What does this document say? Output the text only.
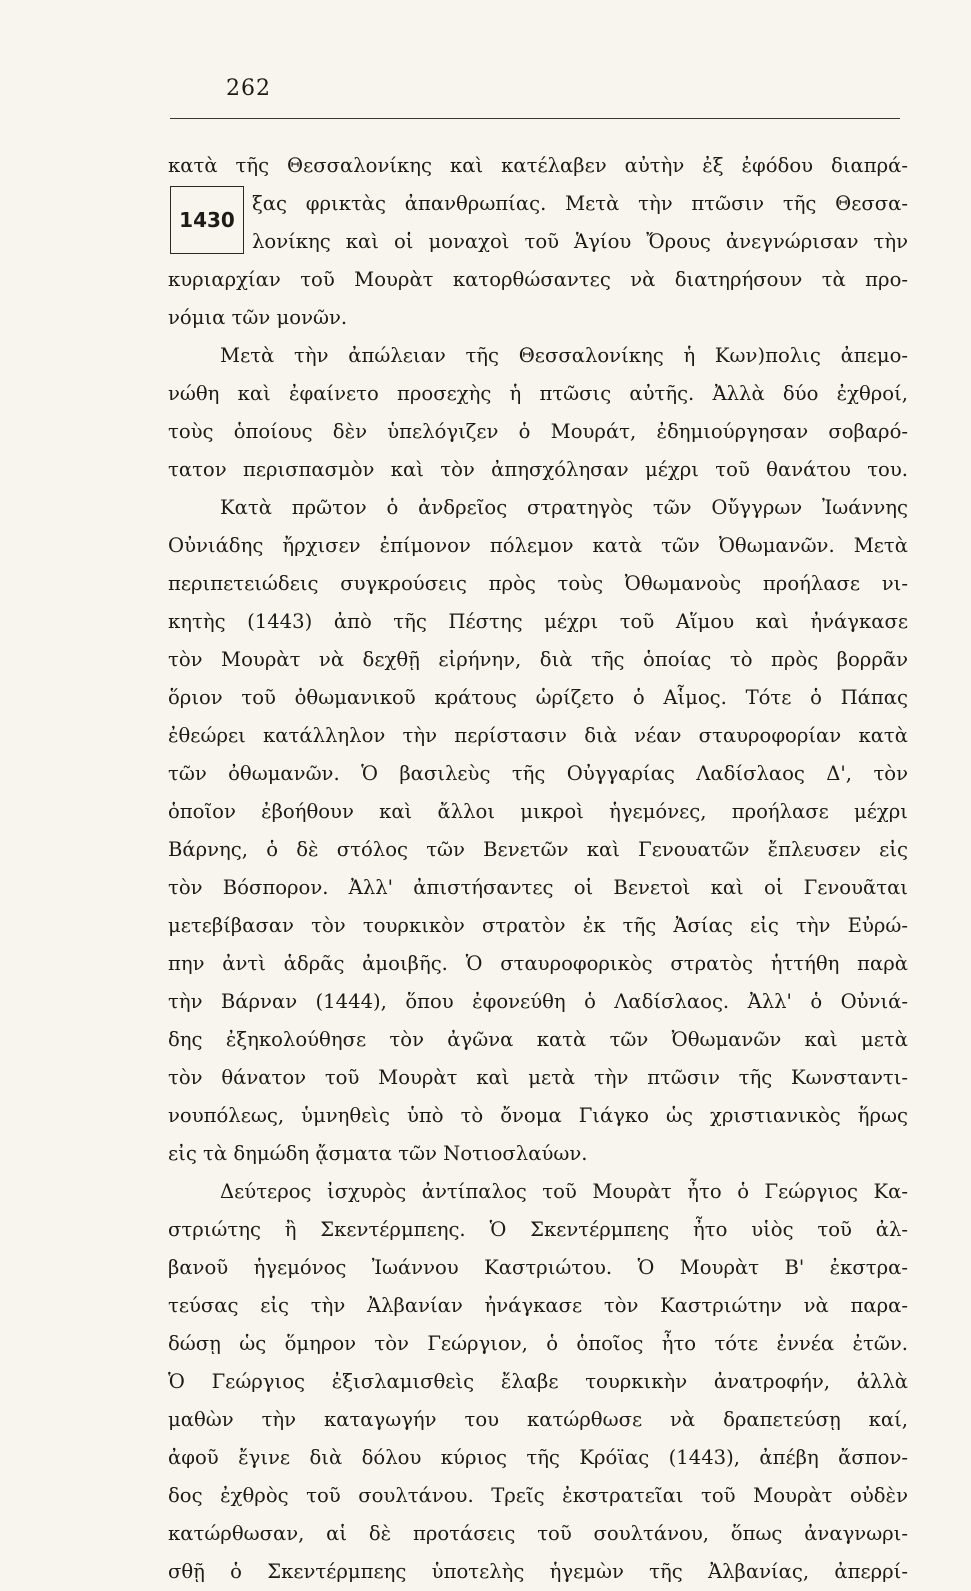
262
1430
κατὰ τῆς Θεσσαλονίκης καὶ κατέλαβεν αὐτὴν ἐξ ἐφόδου διαπρά-
ξας φρικτὰς ἀπανθρωπίας. Μετὰ τὴν πτῶσιν τῆς Θεσσα-
λονίκης καὶ οἱ μοναχοὶ τοῦ Ἁγίου Ὄρους ἀνεγνώρισαν τὴν
κυριαρχίαν τοῦ Μουρὰτ κατορθώσαντες νὰ διατηρήσουν τὰ προ-
νόμια τῶν μονῶν.
Μετὰ τὴν ἀπώλειαν τῆς Θεσσαλονίκης ἡ Κων)πολις ἀπεμο-
νώθη καὶ ἐφαίνετο προσεχὴς ἡ πτῶσις αὐτῆς. Ἀλλὰ δύο ἐχθροί,
τοὺς ὁποίους δὲν ὑπελόγιζεν ὁ Μουράτ, ἐδημιούργησαν σοβαρό-
τατον περισπασμὸν καὶ τὸν ἀπησχόλησαν μέχρι τοῦ θανάτου του.
Κατὰ πρῶτον ὁ ἀνδρεῖος στρατηγὸς τῶν Οὔγγρων Ἰωάννης
Οὐνιάδης ἤρχισεν ἐπίμονον πόλεμον κατὰ τῶν Ὀθωμανῶν. Μετὰ
περιπετειώδεις συγκρούσεις πρὸς τοὺς Ὀθωμανοὺς προήλασε νι-
κητὴς (1443) ἀπὸ τῆς Πέστης μέχρι τοῦ Αἵμου καὶ ἠνάγκασε
τὸν Μουρὰτ νὰ δεχθῇ εἰρήνην, διὰ τῆς ὁποίας τὸ πρὸς βορρᾶν
ὅριον τοῦ ὀθωμανικοῦ κράτους ὡρίζετο ὁ Αἷμος. Τότε ὁ Πάπας
ἐθεώρει κατάλληλον τὴν περίστασιν διὰ νέαν σταυροφορίαν κατὰ
τῶν ὀθωμανῶν. Ὁ βασιλεὺς τῆς Οὐγγαρίας Λαδίσλαος Δ', τὸν
ὁποῖον ἐβοήθουν καὶ ἄλλοι μικροὶ ἡγεμόνες, προήλασε μέχρι
Βάρνης, ὁ δὲ στόλος τῶν Βενετῶν καὶ Γενουατῶν ἔπλευσεν εἰς
τὸν Βόσπορον. Ἀλλ' ἀπιστήσαντες οἱ Βενετοὶ καὶ οἱ Γενουᾶται
μετεβίβασαν τὸν τουρκικὸν στρατὸν ἐκ τῆς Ἀσίας εἰς τὴν Εὐρώ-
πην ἀντὶ ἁδρᾶς ἀμοιβῆς. Ὁ σταυροφορικὸς στρατὸς ἡττήθη παρὰ
τὴν Βάρναν (1444), ὅπου ἐφονεύθη ὁ Λαδίσλαος. Ἀλλ' ὁ Οὐνιά-
δης ἐξηκολούθησε τὸν ἀγῶνα κατὰ τῶν Ὀθωμανῶν καὶ μετὰ
τὸν θάνατον τοῦ Μουρὰτ καὶ μετὰ τὴν πτῶσιν τῆς Κωνσταντι-
νουπόλεως, ὑμνηθεὶς ὑπὸ τὸ ὄνομα Γιάγκο ὡς χριστιανικὸς ἥρως
εἰς τὰ δημώδη ᾄσματα τῶν Νοτιοσλαύων.
Δεύτερος ἰσχυρὸς ἀντίπαλος τοῦ Μουρὰτ ἦτο ὁ Γεώργιος Κα-
στριώτης ἢ Σκεντέρμπεης. Ὁ Σκεντέρμπεης ἦτο υἱὸς τοῦ ἀλ-
βανοῦ ἡγεμόνος Ἰωάννου Καστριώτου. Ὁ Μουρὰτ Β' ἐκστρα-
τεύσας εἰς τὴν Ἀλβανίαν ἠνάγκασε τὸν Καστριώτην νὰ παρα-
δώσῃ ὡς ὅμηρον τὸν Γεώργιον, ὁ ὁποῖος ἦτο τότε ἐννέα ἐτῶν.
Ὁ Γεώργιος ἐξισλαμισθεὶς ἔλαβε τουρκικὴν ἀνατροφήν, ἀλλὰ
μαθὼν τὴν καταγωγήν του κατώρθωσε νὰ δραπετεύσῃ καί,
ἀφοῦ ἔγινε διὰ δόλου κύριος τῆς Κρόϊας (1443), ἀπέβη ἄσπον-
δος ἐχθρὸς τοῦ σουλτάνου. Τρεῖς ἐκστρατεῖαι τοῦ Μουρὰτ οὐδὲν
κατώρθωσαν, αἱ δὲ προτάσεις τοῦ σουλτάνου, ὅπως ἀναγνωρι-
σθῇ ὁ Σκεντέρμπεης ὑποτελὴς ἡγεμὼν τῆς Ἀλβανίας, ἀπερρί-
